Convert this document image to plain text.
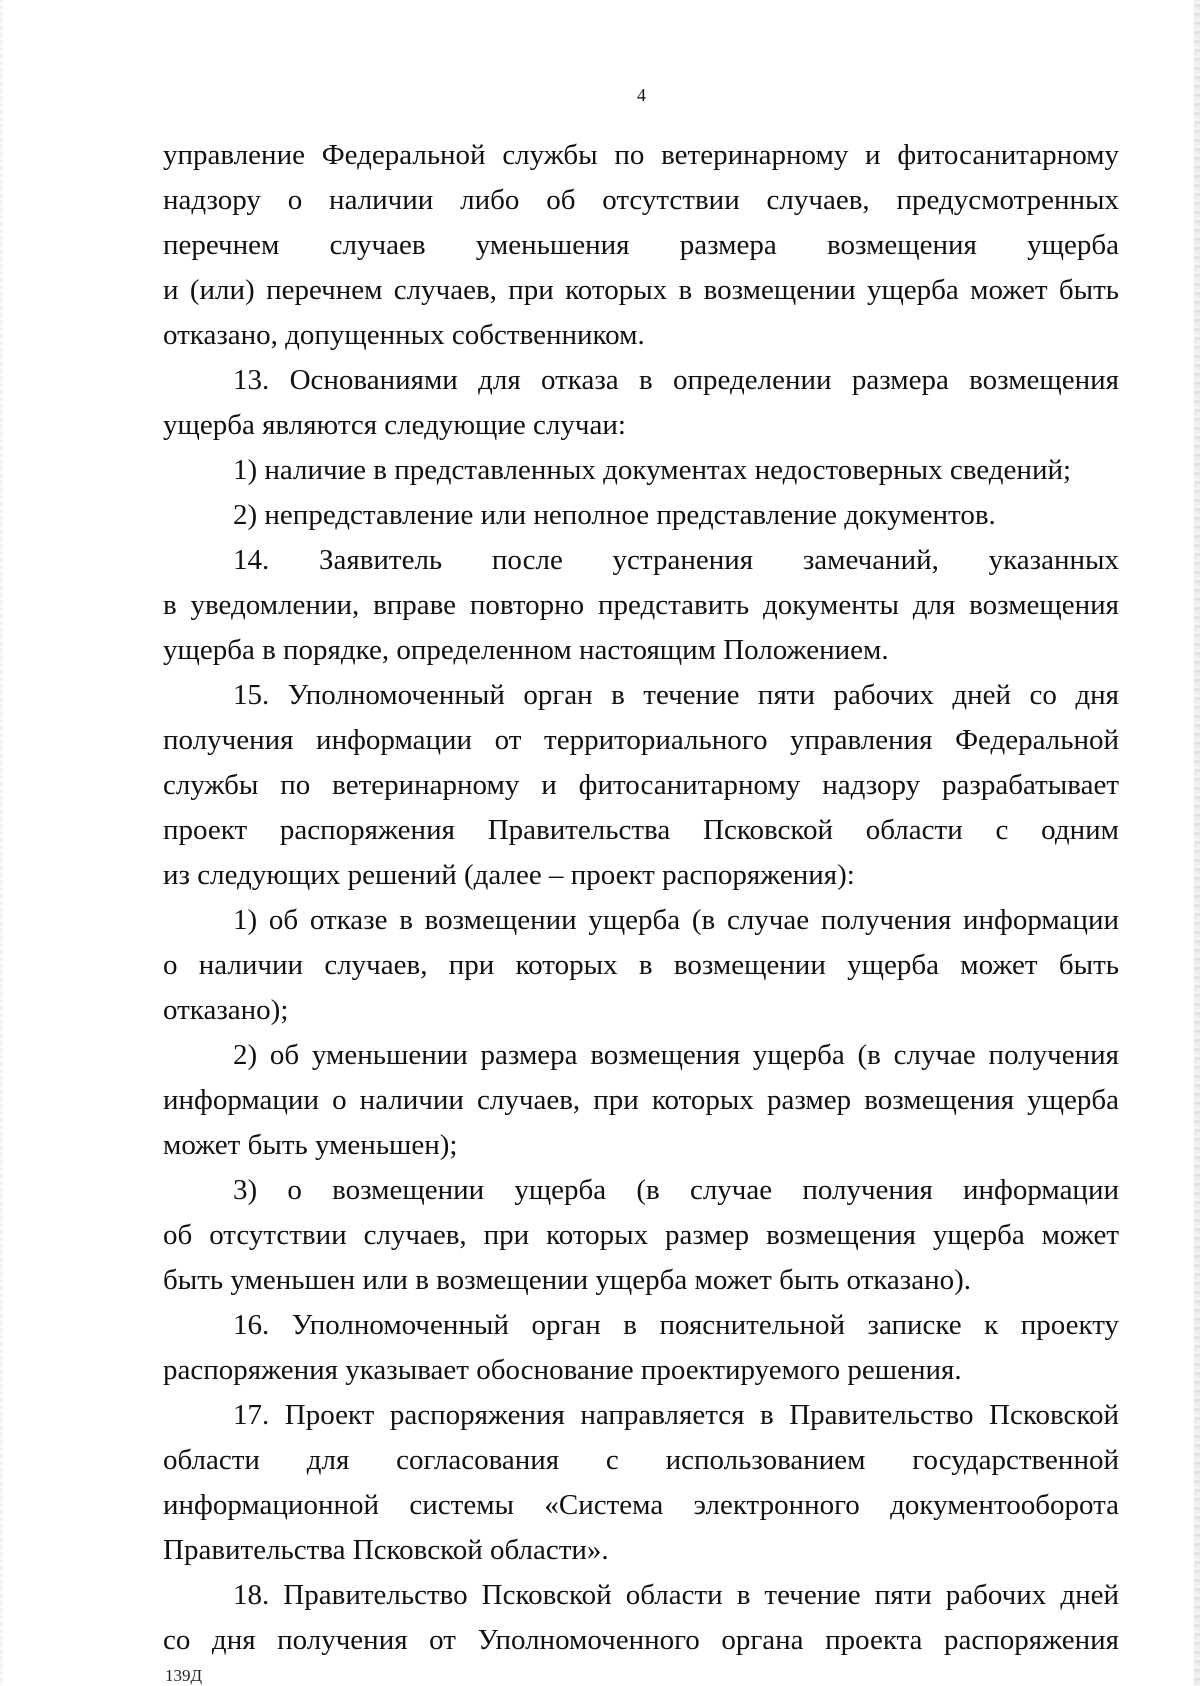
4
управление Федеральной службы по ветеринарному и фитосанитарному
надзору о наличии либо об отсутствии случаев, предусмотренных
перечнем случаев уменьшения размера возмещения ущерба
и (или) перечнем случаев, при которых в возмещении ущерба может быть
отказано, допущенных собственником.
13. Основаниями для отказа в определении размера возмещения
ущерба являются следующие случаи:
1) наличие в представленных документах недостоверных сведений;
2) непредставление или неполное представление документов.
14. Заявитель после устранения замечаний, указанных
в уведомлении, вправе повторно представить документы для возмещения
ущерба в порядке, определенном настоящим Положением.
15. Уполномоченный орган в течение пяти рабочих дней со дня
получения информации от территориального управления Федеральной
службы по ветеринарному и фитосанитарному надзору разрабатывает
проект распоряжения Правительства Псковской области с одним
из следующих решений (далее – проект распоряжения):
1) об отказе в возмещении ущерба (в случае получения информации
о наличии случаев, при которых в возмещении ущерба может быть
отказано);
2) об уменьшении размера возмещения ущерба (в случае получения
информации о наличии случаев, при которых размер возмещения ущерба
может быть уменьшен);
3) о возмещении ущерба (в случае получения информации
об отсутствии случаев, при которых размер возмещения ущерба может
быть уменьшен или в возмещении ущерба может быть отказано).
16. Уполномоченный орган в пояснительной записке к проекту
распоряжения указывает обоснование проектируемого решения.
17. Проект распоряжения направляется в Правительство Псковской
области для согласования с использованием государственной
информационной системы «Система электронного документооборота
Правительства Псковской области».
18. Правительство Псковской области в течение пяти рабочих дней
со дня получения от Уполномоченного органа проекта распоряжения
139Д
